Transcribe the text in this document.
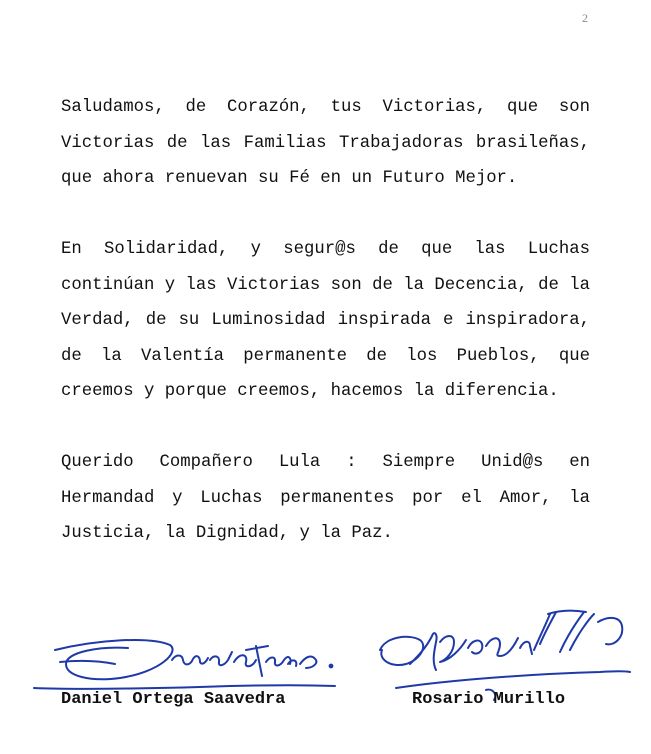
2

Saludamos, de Corazón, tus Victorias, que son Victorias de las Familias Trabajadoras brasileñas, que ahora renuevan su Fé en un Futuro Mejor.

En Solidaridad, y segur@s de que las Luchas continúan y las Victorias son de la Decencia, de la Verdad, de su Luminosidad inspirada e inspiradora, de la Valentía permanente de los Pueblos, que creemos y porque creemos, hacemos la diferencia.

Querido Compañero Lula : Siempre Unid@s en Hermandad y Luchas permanentes por el Amor, la Justicia, la Dignidad, y la Paz.

Daniel Ortega Saavedra	Rosario Murillo
